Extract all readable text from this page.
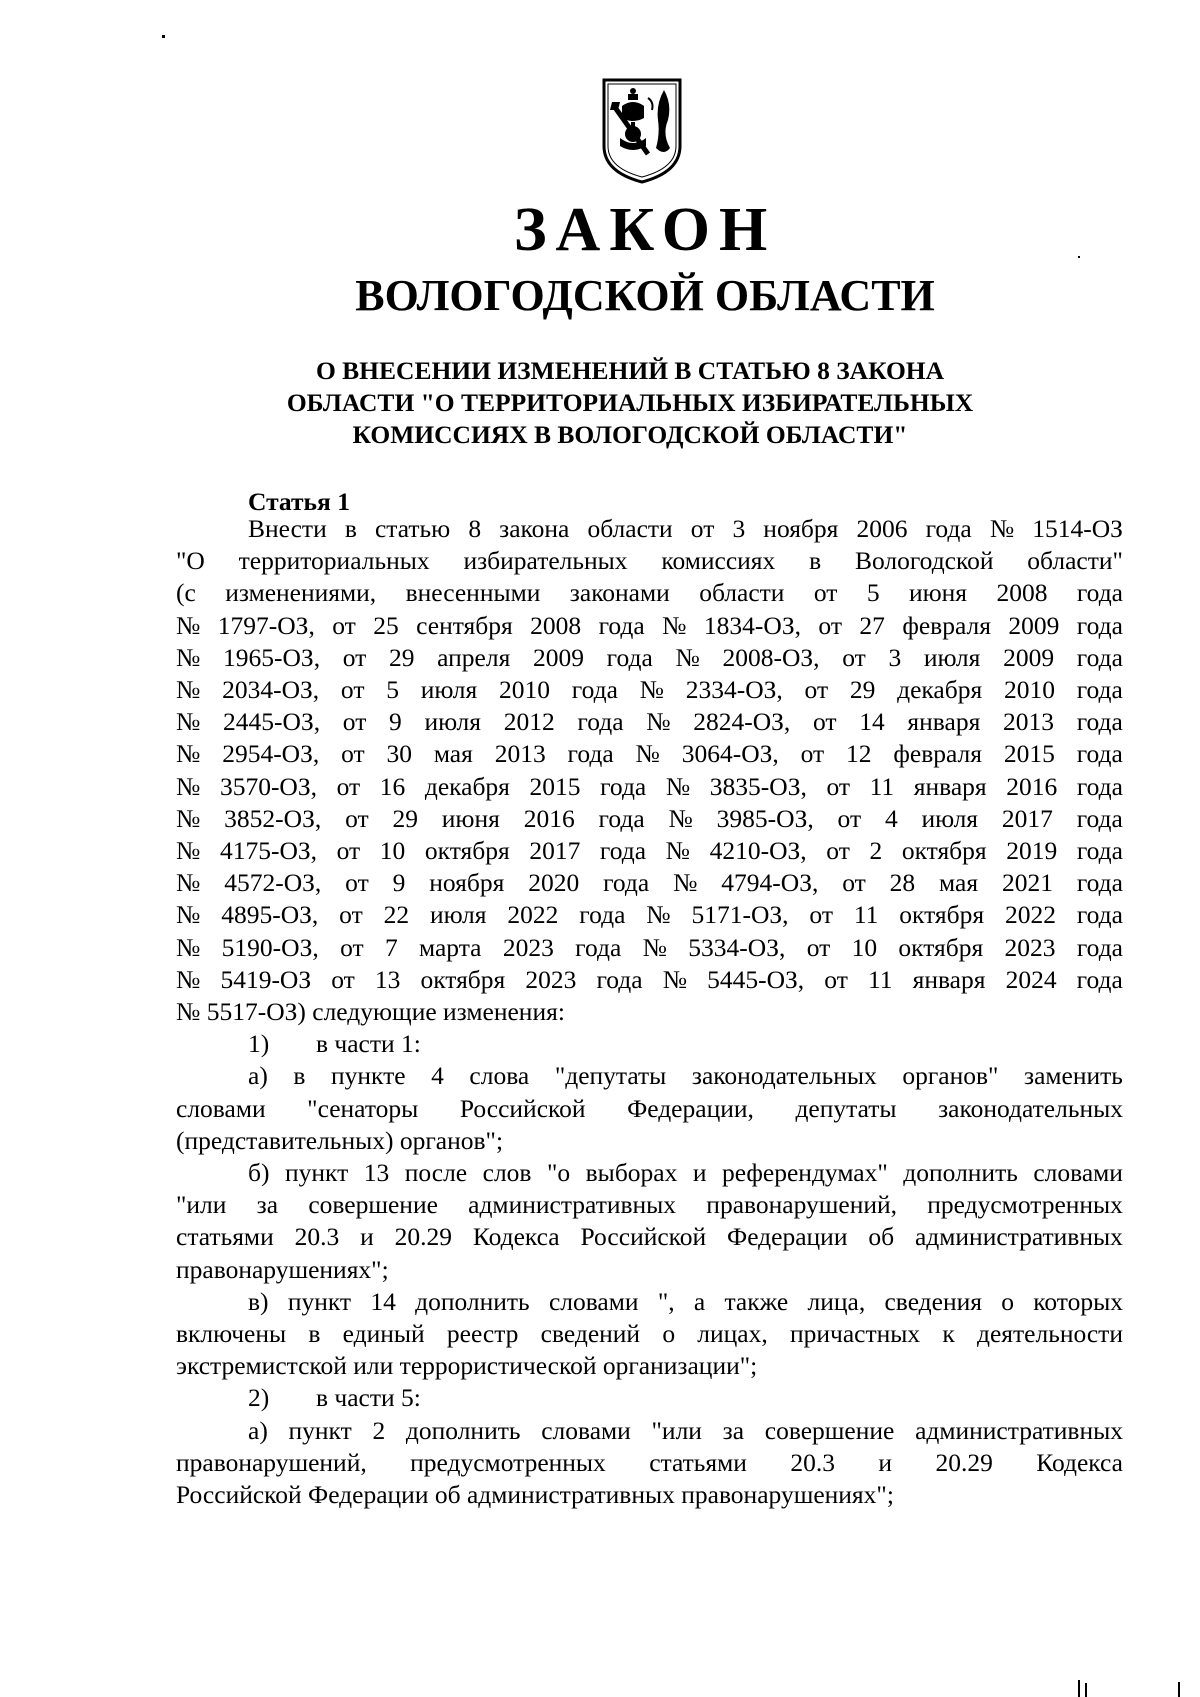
ЗАКОН
ВОЛОГОДСКОЙ ОБЛАСТИ
О ВНЕСЕНИИ ИЗМЕНЕНИЙ В СТАТЬЮ 8 ЗАКОНА
ОБЛАСТИ "О ТЕРРИТОРИАЛЬНЫХ ИЗБИРАТЕЛЬНЫХ
КОМИССИЯХ В ВОЛОГОДСКОЙ ОБЛАСТИ"
Статья 1
Внести в статью 8 закона области от 3 ноября 2006 года № 1514-ОЗ
"О территориальных избирательных комиссиях в Вологодской области"
(с изменениями, внесенными законами области от 5 июня 2008 года
№ 1797-ОЗ, от 25 сентября 2008 года № 1834-ОЗ, от 27 февраля 2009 года
№ 1965-ОЗ, от 29 апреля 2009 года № 2008-ОЗ, от 3 июля 2009 года
№ 2034-ОЗ, от 5 июля 2010 года № 2334-ОЗ, от 29 декабря 2010 года
№ 2445-ОЗ, от 9 июля 2012 года № 2824-ОЗ, от 14 января 2013 года
№ 2954-ОЗ, от 30 мая 2013 года № 3064-ОЗ, от 12 февраля 2015 года
№ 3570-ОЗ, от 16 декабря 2015 года № 3835-ОЗ, от 11 января 2016 года
№ 3852-ОЗ, от 29 июня 2016 года № 3985-ОЗ, от 4 июля 2017 года
№ 4175-ОЗ, от 10 октября 2017 года № 4210-ОЗ, от 2 октября 2019 года
№ 4572-ОЗ, от 9 ноября 2020 года № 4794-ОЗ, от 28 мая 2021 года
№ 4895-ОЗ, от 22 июля 2022 года № 5171-ОЗ, от 11 октября 2022 года
№ 5190-ОЗ, от 7 марта 2023 года № 5334-ОЗ, от 10 октября 2023 года
№ 5419-ОЗ от 13 октября 2023 года № 5445-ОЗ, от 11 января 2024 года
№ 5517-ОЗ) следующие изменения:
1)	в части 1:
а) в пункте 4 слова "депутаты законодательных органов" заменить
словами "сенаторы Российской Федерации, депутаты законодательных
(представительных) органов";
б) пункт 13 после слов "о выборах и референдумах" дополнить словами
"или за совершение административных правонарушений, предусмотренных
статьями 20.3 и 20.29 Кодекса Российской Федерации об административных
правонарушениях";
в) пункт 14 дополнить словами ", а также лица, сведения о которых
включены в единый реестр сведений о лицах, причастных к деятельности
экстремистской или террористической организации";
2)	в части 5:
а) пункт 2 дополнить словами "или за совершение административных
правонарушений, предусмотренных статьями 20.3 и 20.29 Кодекса
Российской Федерации об административных правонарушениях";
